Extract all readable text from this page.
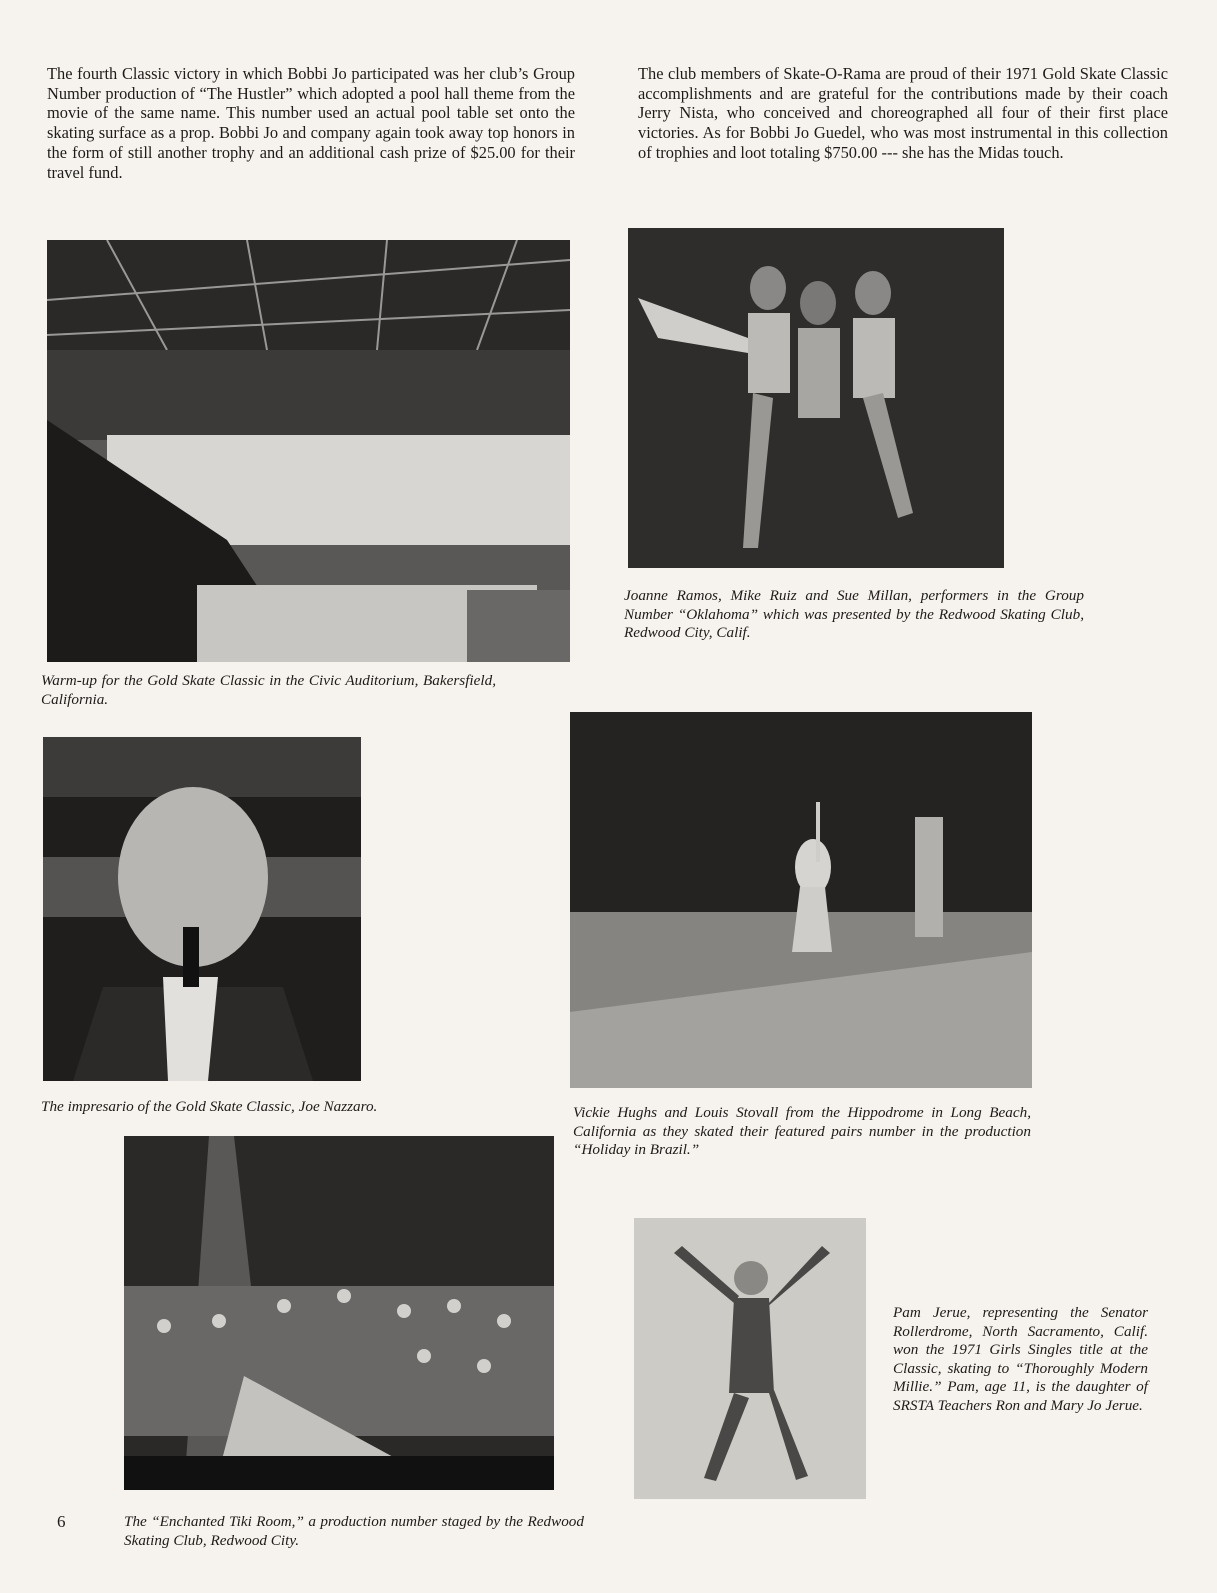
The fourth Classic victory in which Bobbi Jo participated was her club’s Group Number production of “The Hustler” which adopted a pool hall theme from the movie of the same name. This number used an actual pool table set onto the skating surface as a prop. Bobbi Jo and company again took away top honors in the form of still another trophy and an additional cash prize of $25.00 for their travel fund.

The club members of Skate-O-Rama are proud of their 1971 Gold Skate Classic accomplishments and are grateful for the contributions made by their coach Jerry Nista, who conceived and choreographed all four of their first place victories. As for Bobbi Jo Guedel, who was most instrumental in this collection of trophies and loot totaling $750.00 --- she has the Midas touch.

Warm-up for the Gold Skate Classic in the Civic Auditorium, Bakersfield, California.

Joanne Ramos, Mike Ruiz and Sue Millan, performers in the Group Number “Oklahoma” which was presented by the Redwood Skating Club, Redwood City, Calif.

The impresario of the Gold Skate Classic, Joe Nazzaro.	Vickie Hughs and Louis Stovall from the Hippodrome in Long Beach, California as they skated their featured pairs number in the production “Holiday in Brazil.”

The “Enchanted Tiki Room,” a production number staged by the Redwood Skating Club, Redwood City.

Pam Jerue, representing the Senator Rollerdrome, North Sacramento, Calif. won the 1971 Girls Singles title at the Classic, skating to “Thoroughly Modern Millie.” Pam, age 11, is the daughter of SRSTA Teachers Ron and Mary Jo Jerue.

6
